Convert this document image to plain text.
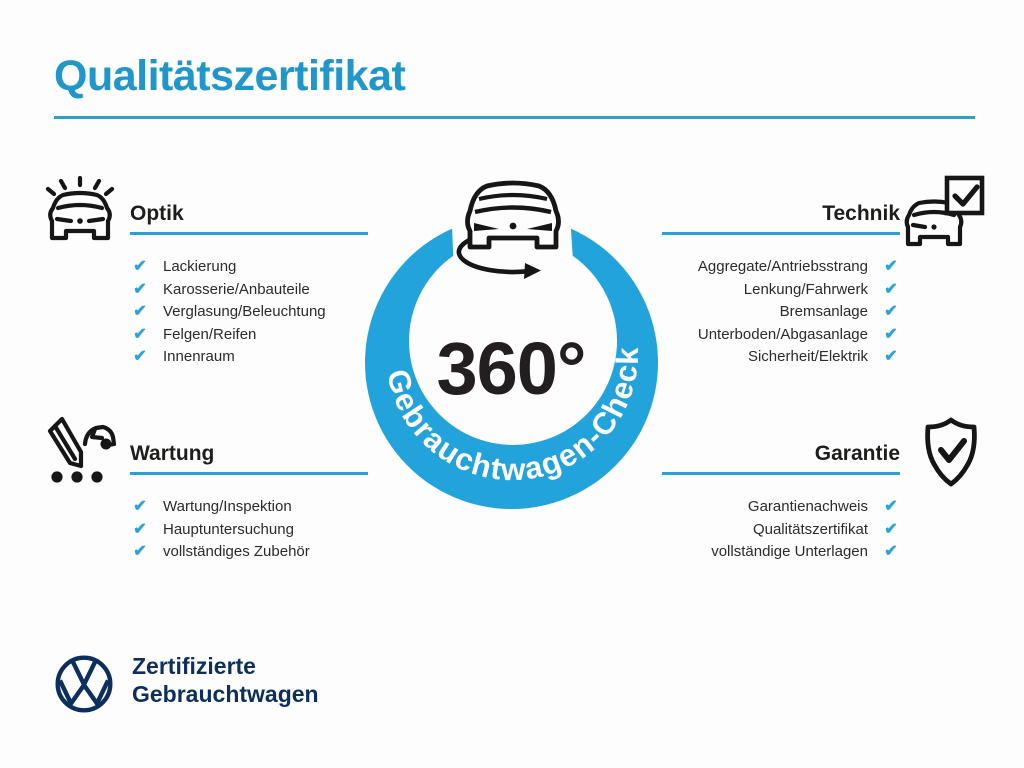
Qualitätszertifikat
Optik	Technik
Wartung	Garantie
✔ Lackierung
✔ Karosserie/Anbauteile
✔ Verglasung/Beleuchtung
✔ Felgen/Reifen
✔ Innenraum
✔
Aggregate/Antriebsstrang
✔
Lenkung/Fahrwerk
✔
Bremsanlage
✔
Unterboden/Abgasanlage
✔
Sicherheit/Elektrik
✔ Wartung/Inspektion
✔ Hauptuntersuchung
✔ vollständiges Zubehör
✔
Garantienachweis
✔
Qualitätszertifikat
✔
vollständige Unterlagen
Gebrauchtwagen-Check
360°
Zertifizierte
Gebrauchtwagen
